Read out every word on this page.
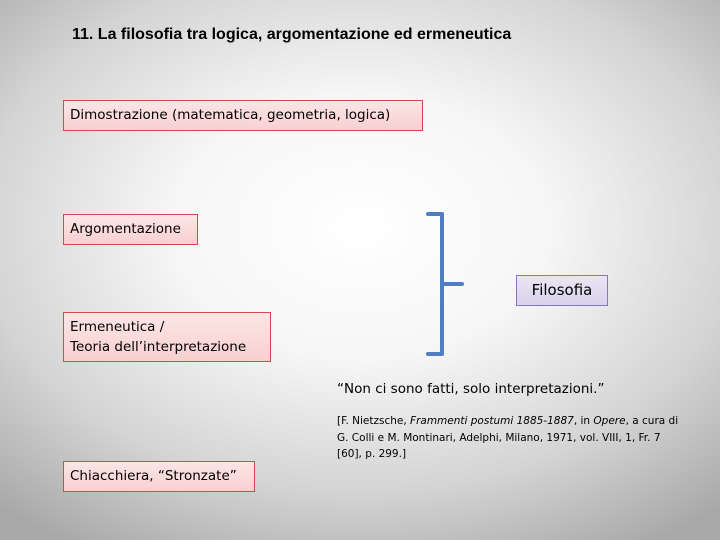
11. La filosofia tra logica, argomentazione ed ermeneutica
Dimostrazione (matematica, geometria, logica)
Argomentazione
Ermeneutica /
Teoria dell’interpretazione
Chiacchiera, “Stronzate”
Filosofia
“Non ci sono fatti, solo interpretazioni.”
[F. Nietzsche, Frammenti postumi 1885-1887, in Opere, a cura di G. Colli e M. Montinari, Adelphi, Milano, 1971, vol. VIII, 1, Fr. 7 [60], p. 299.]
